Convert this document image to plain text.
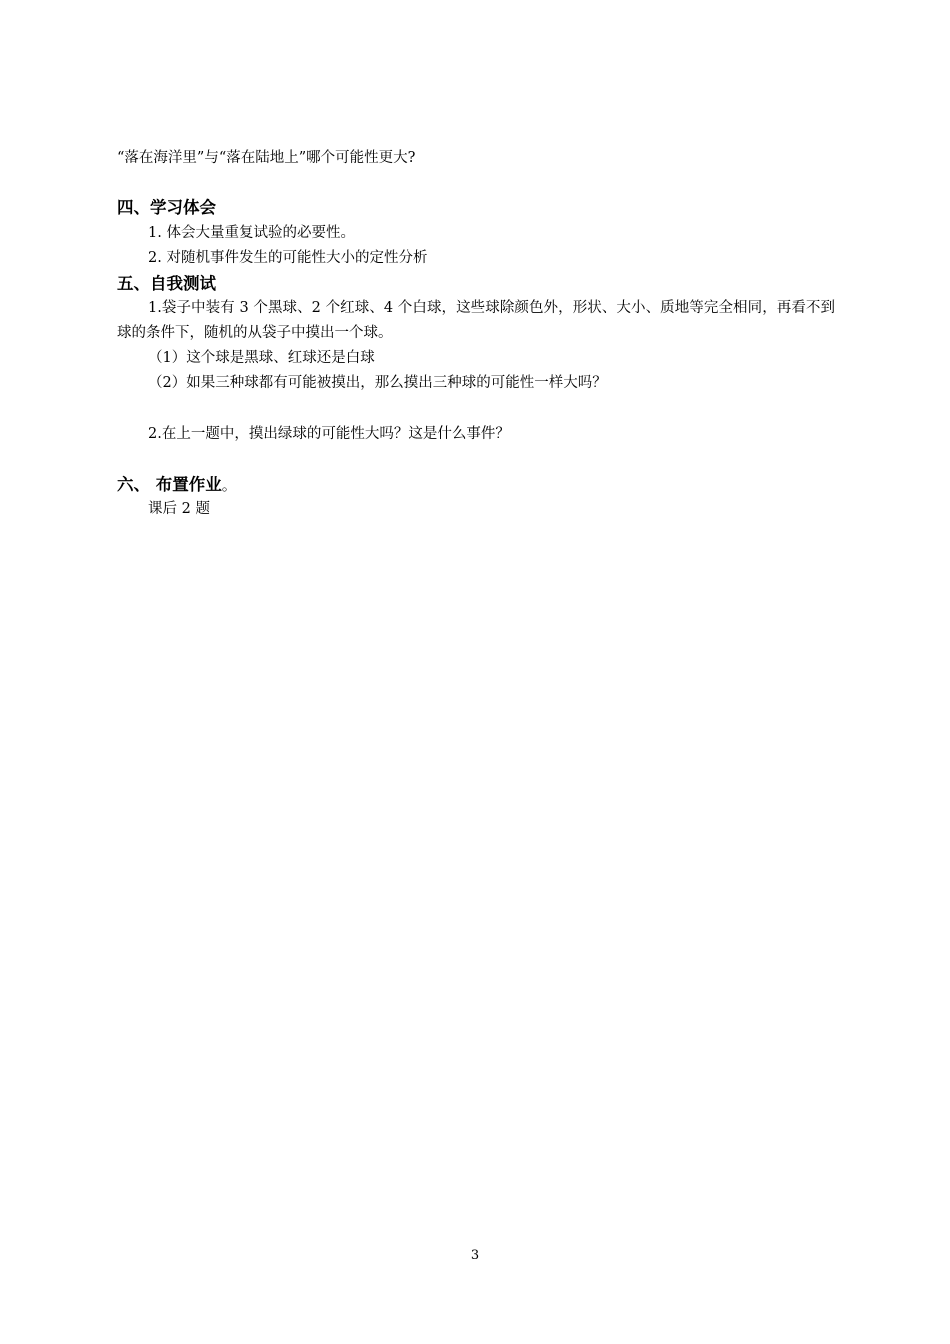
“落在海洋里”与“落在陆地上”哪个可能性更大?
四、学习体会
1. 体会大量重复试验的必要性。
2. 对随机事件发生的可能性大小的定性分析
五、自我测试
1.袋子中装有 3 个黑球、2 个红球、4 个白球，这些球除颜色外，形状、大小、质地等完全相同，再看不到球的条件下，随机的从袋子中摸出一个球。
（1）这个球是黑球、红球还是白球
（2）如果三种球都有可能被摸出，那么摸出三种球的可能性一样大吗？
2.在上一题中，摸出绿球的可能性大吗？这是什么事件？
六、 布置作业。
课后 2 题
3
